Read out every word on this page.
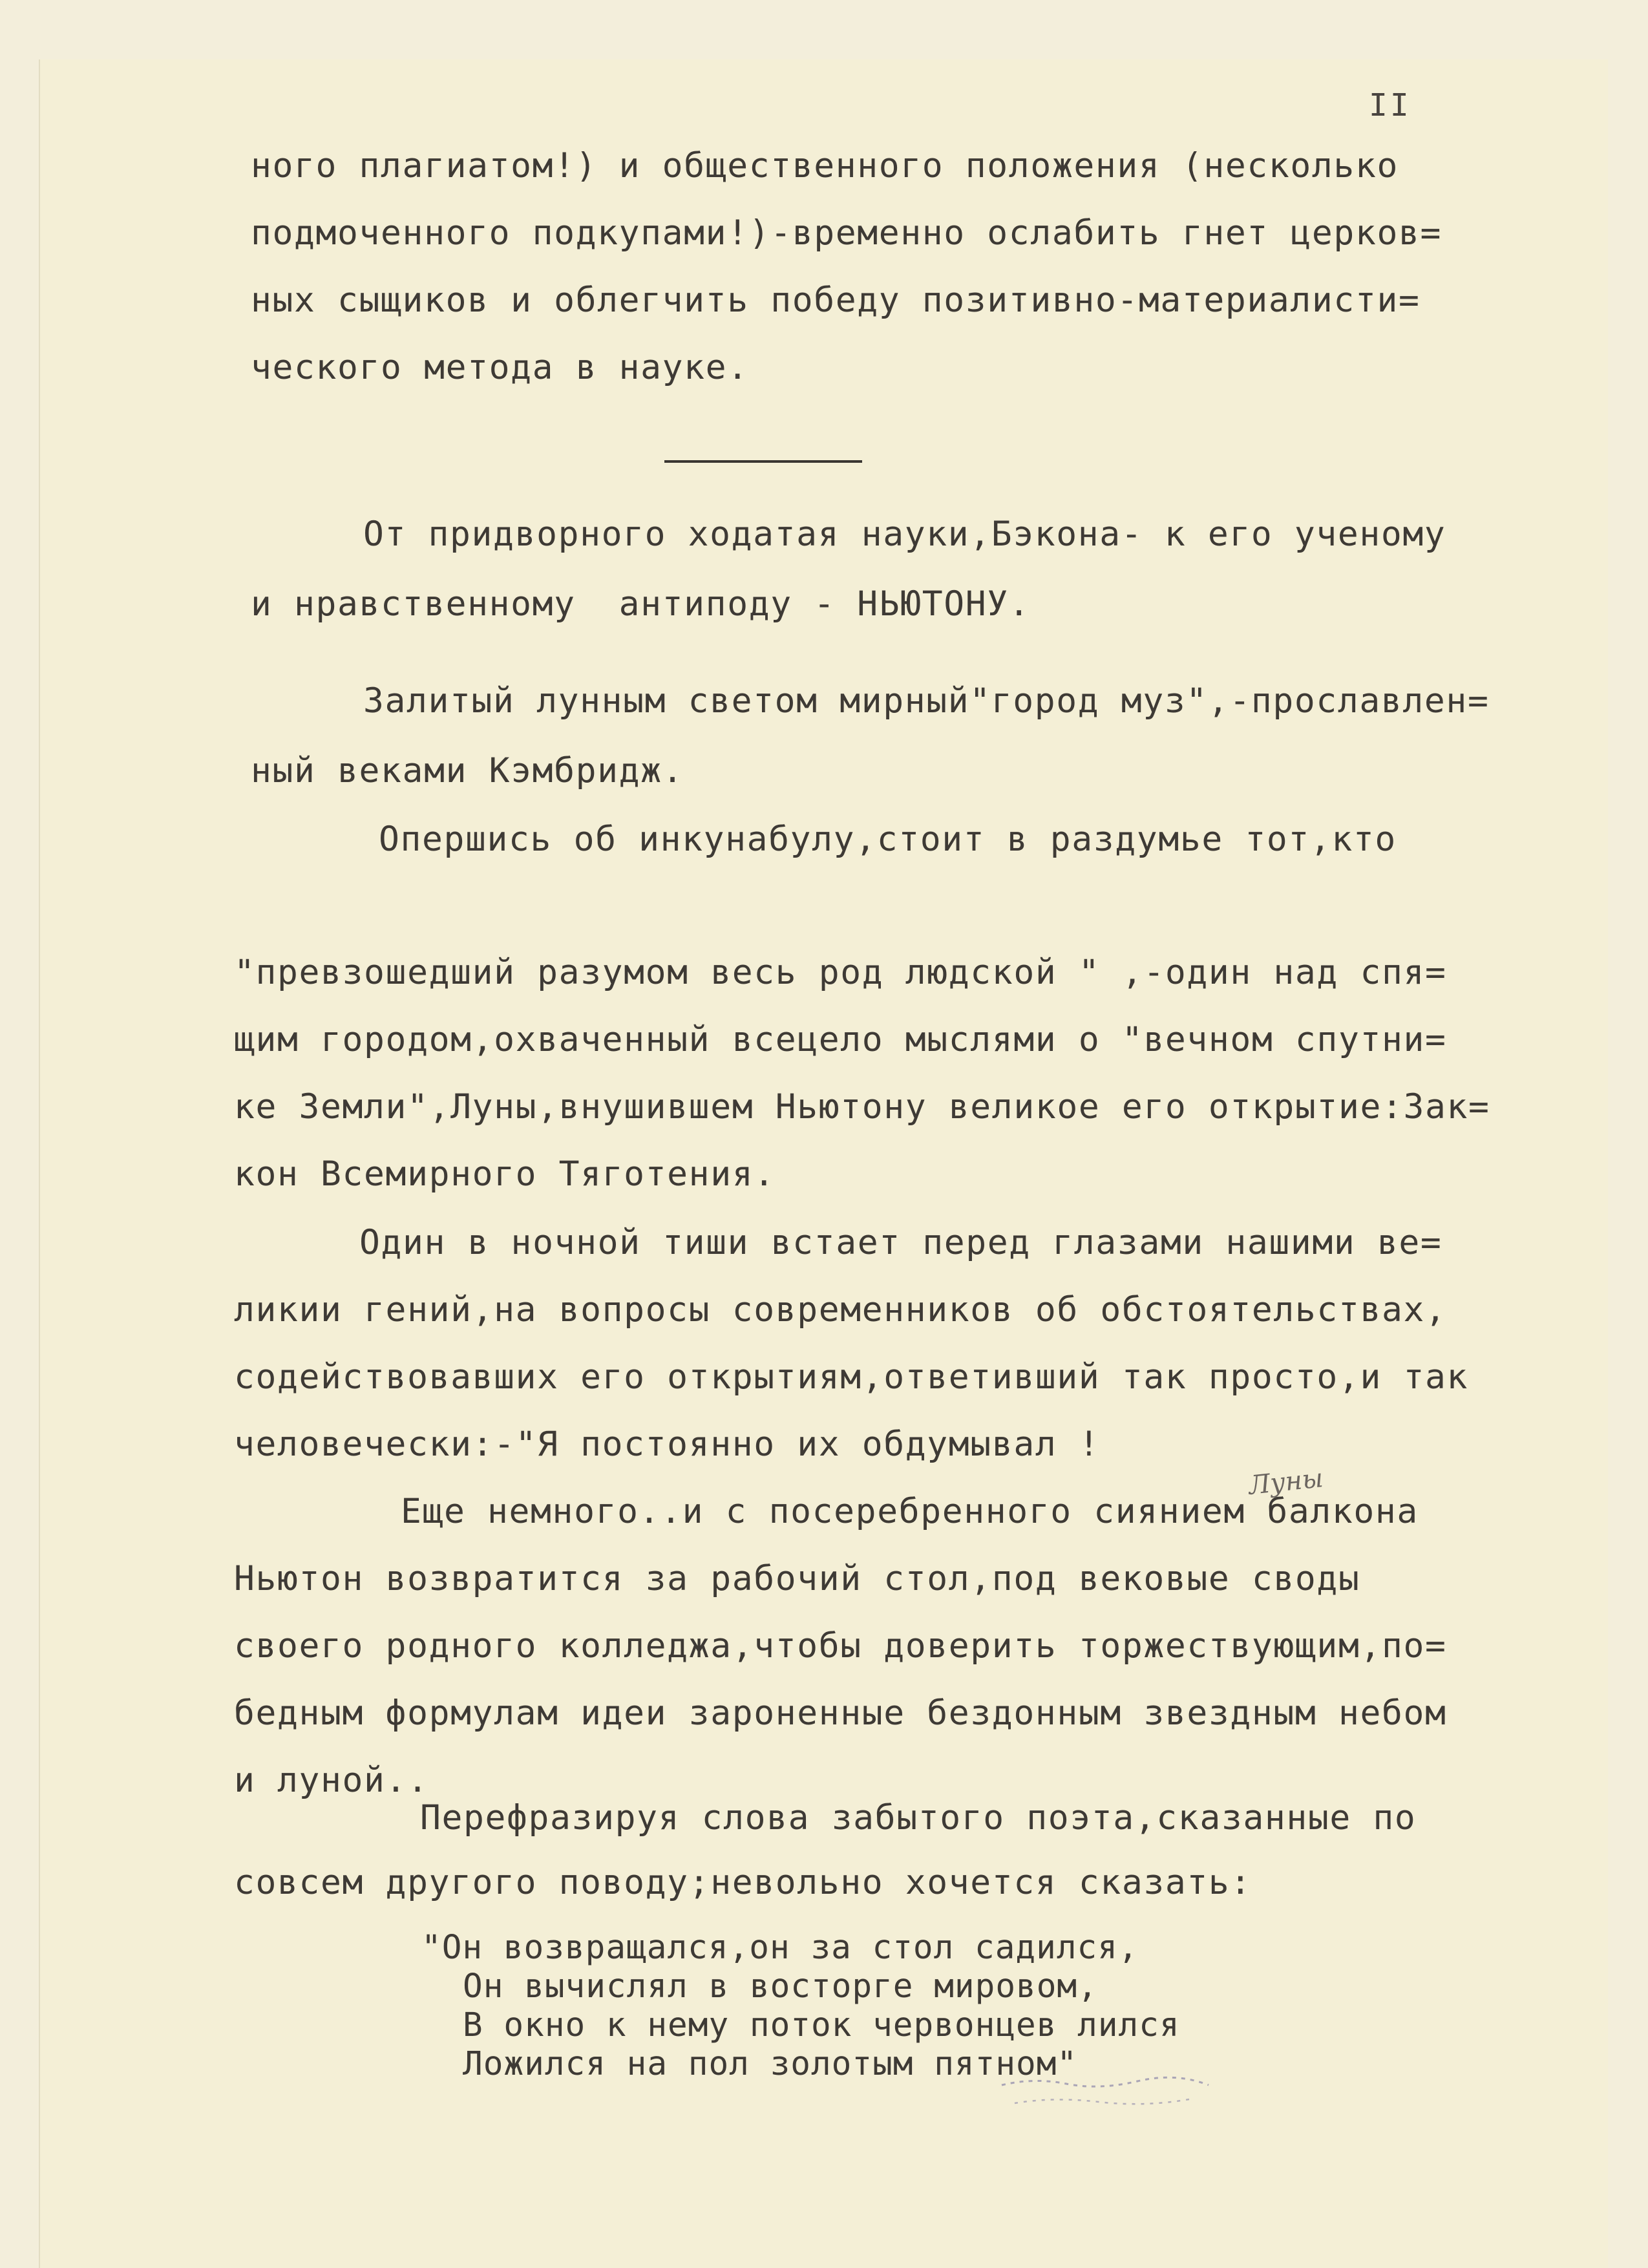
II
ного плагиатом!) и общественного положения (несколько
подмоченного подкупами!)-временно ослабить гнет церков=
ных сыщиков и облегчить победу позитивно-материалисти=
ческого метода в науке.
От придворного ходатая науки,Бэкона- к его ученому
и нравственному  антиподу - НЬЮТОНУ.
Залитый лунным светом мирный"город муз",-прославлен=
ный веками Кэмбридж.
Опершись об инкунабулу,стоит в раздумье тот,кто
"превзошедший разумом весь род людской " ,-один над спя=
щим городом,охваченный всецело мыслями о "вечном спутни=
ке Земли",Луны,внушившем Ньютону великое его открытие:Зак=
кон Всемирного Тяготения.
Один в ночной тиши встает перед глазами нашими ве=
ликии гений,на вопросы современников об обстоятельствах,
содействовавших его открытиям,ответивший так просто,и так
человечески:-"Я постоянно их обдумывал !
Луны
Еще немного..и с посеребренного сиянием балкона
Ньютон возвратится за рабочий стол,под вековые своды
своего родного колледжа,чтобы доверить торжествующим,по=
бедным формулам идеи зароненные бездонным звездным небом
и луной..
Перефразируя слова забытого поэта,сказанные по
совсем другого поводу;невольно хочется сказать:
"Он возвращался,он за стол садился,
Он вычислял в восторге мировом,
В окно к нему поток червонцев лился
Ложился на пол золотым пятном"
